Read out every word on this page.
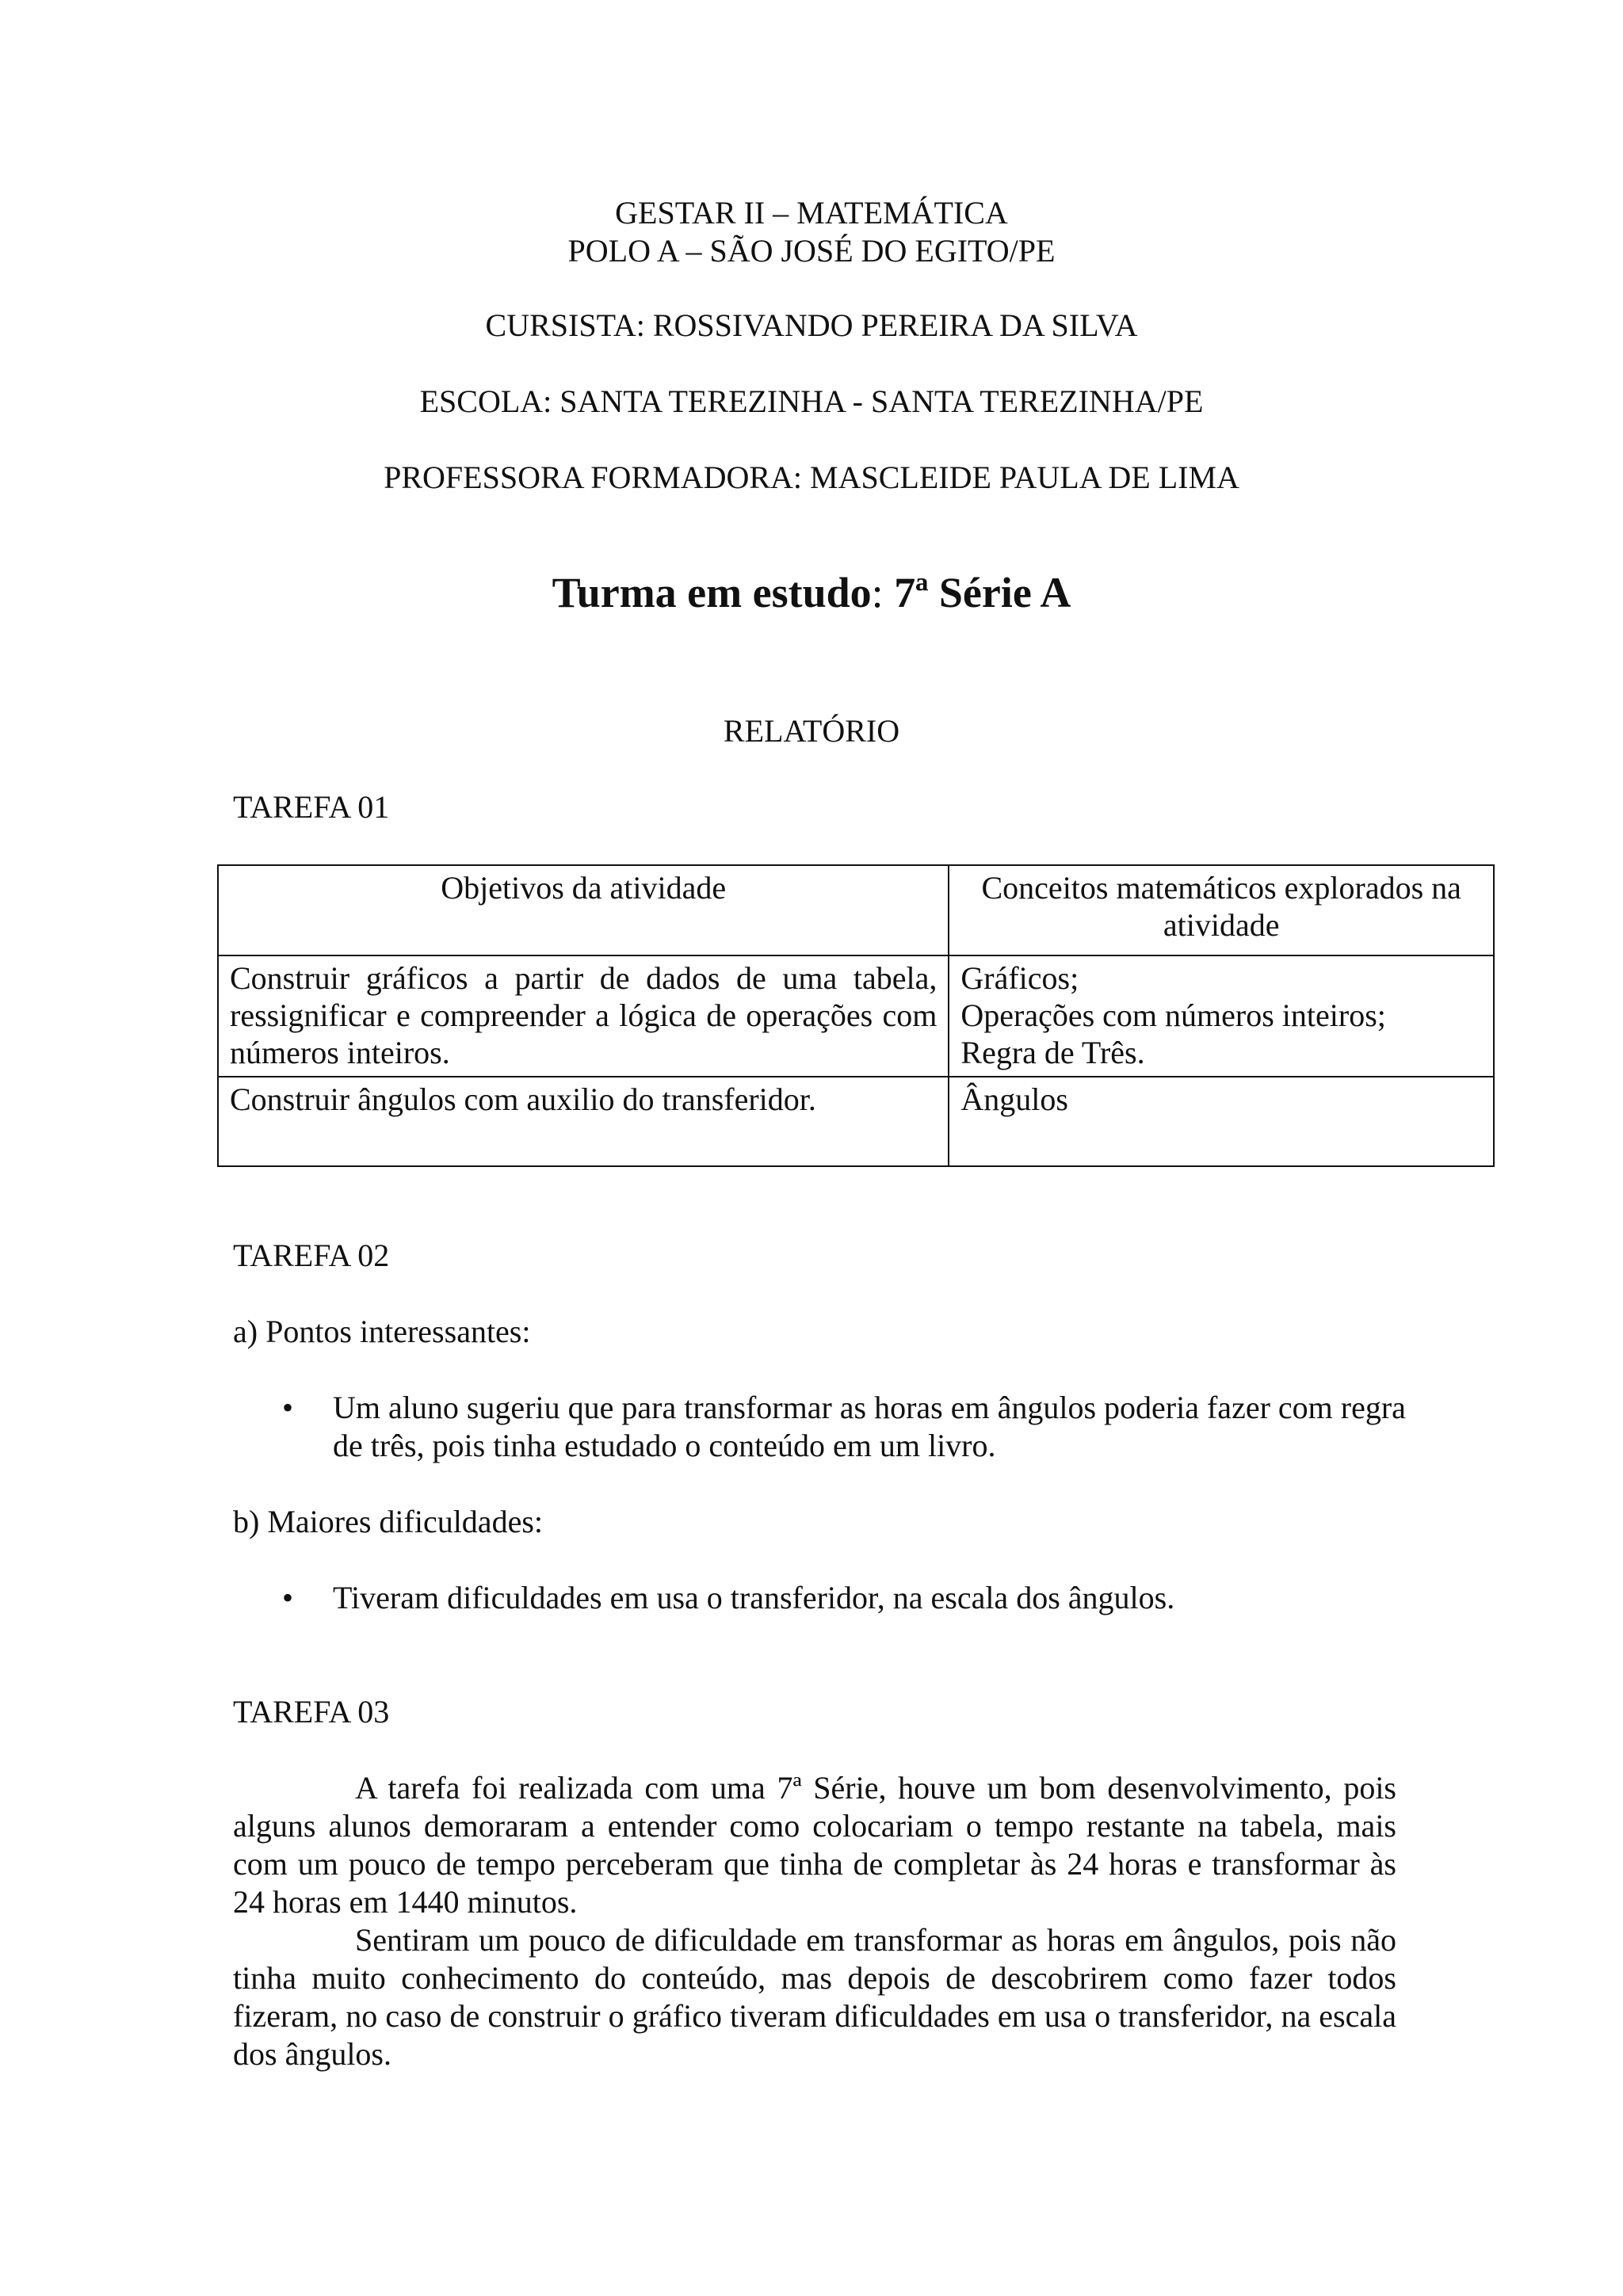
GESTAR II – MATEMÁTICA
POLO A – SÃO JOSÉ DO EGITO/PE
CURSISTA: ROSSIVANDO PEREIRA DA SILVA
ESCOLA: SANTA TEREZINHA - SANTA TEREZINHA/PE
PROFESSORA FORMADORA: MASCLEIDE PAULA DE LIMA
Turma em estudo: 7ª Série A
RELATÓRIO
TAREFA 01
Objetivos da atividade	Conceitos matemáticos explorados na atividade
Construir gráficos a partir de dados de uma tabela, ressignificar e compreender a lógica de operações com números inteiros.	Gráficos;
Operações com números inteiros;
Regra de Três.

Construir ângulos com auxilio do transferidor.	Ângulos
TAREFA 02
a) Pontos interessantes:
• Um aluno sugeriu que para transformar as horas em ângulos poderia fazer com regra de três, pois tinha estudado o conteúdo em um livro.
b) Maiores dificuldades:
• Tiveram dificuldades em usa o transferidor, na escala dos ângulos.
TAREFA 03

A tarefa foi realizada com uma 7ª Série, houve um bom desenvolvimento, pois alguns alunos demoraram a entender como colocariam o tempo restante na tabela, mais com um pouco de tempo perceberam que tinha de completar às 24 horas e transformar às 24 horas em 1440 minutos.

Sentiram um pouco de dificuldade em transformar as horas em ângulos, pois não tinha muito conhecimento do conteúdo, mas depois de descobrirem como fazer todos fizeram, no caso de construir o gráfico tiveram dificuldades em usa o transferidor, na escala dos ângulos.
